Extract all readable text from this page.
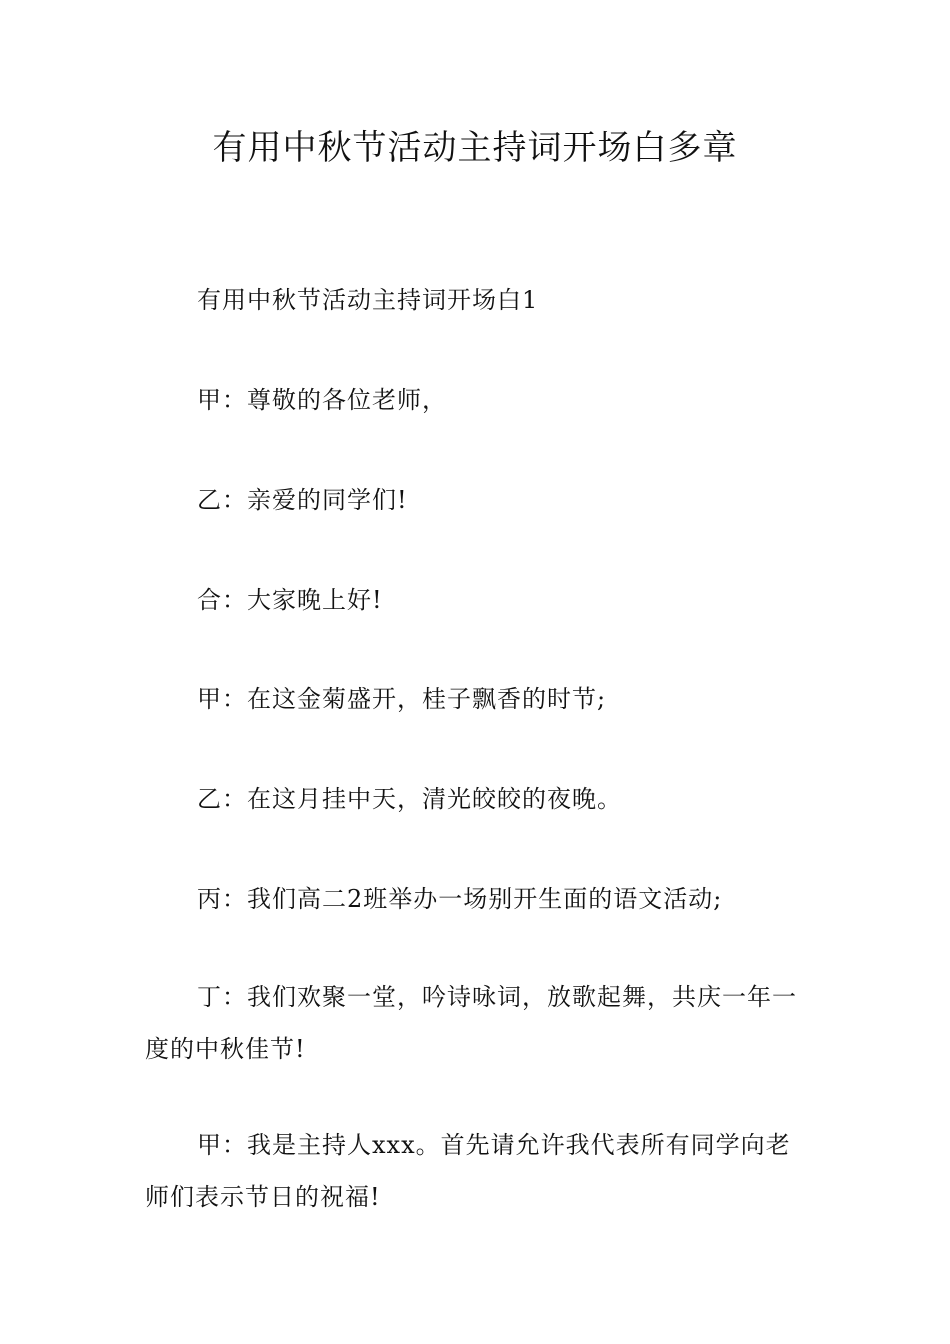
有用中秋节活动主持词开场白多章

有用中秋节活动主持词开场白1

甲：尊敬的各位老师，

乙：亲爱的同学们!

合：大家晚上好!

甲：在这金菊盛开，桂子飘香的时节;

乙：在这月挂中天，清光皎皎的夜晚。

丙：我们高二2班举办一场别开生面的语文活动;

丁：我们欢聚一堂，吟诗咏词，放歌起舞，共庆一年一度的中秋佳节!

甲：我是主持人xxx。首先请允许我代表所有同学向老师们表示节日的祝福!
